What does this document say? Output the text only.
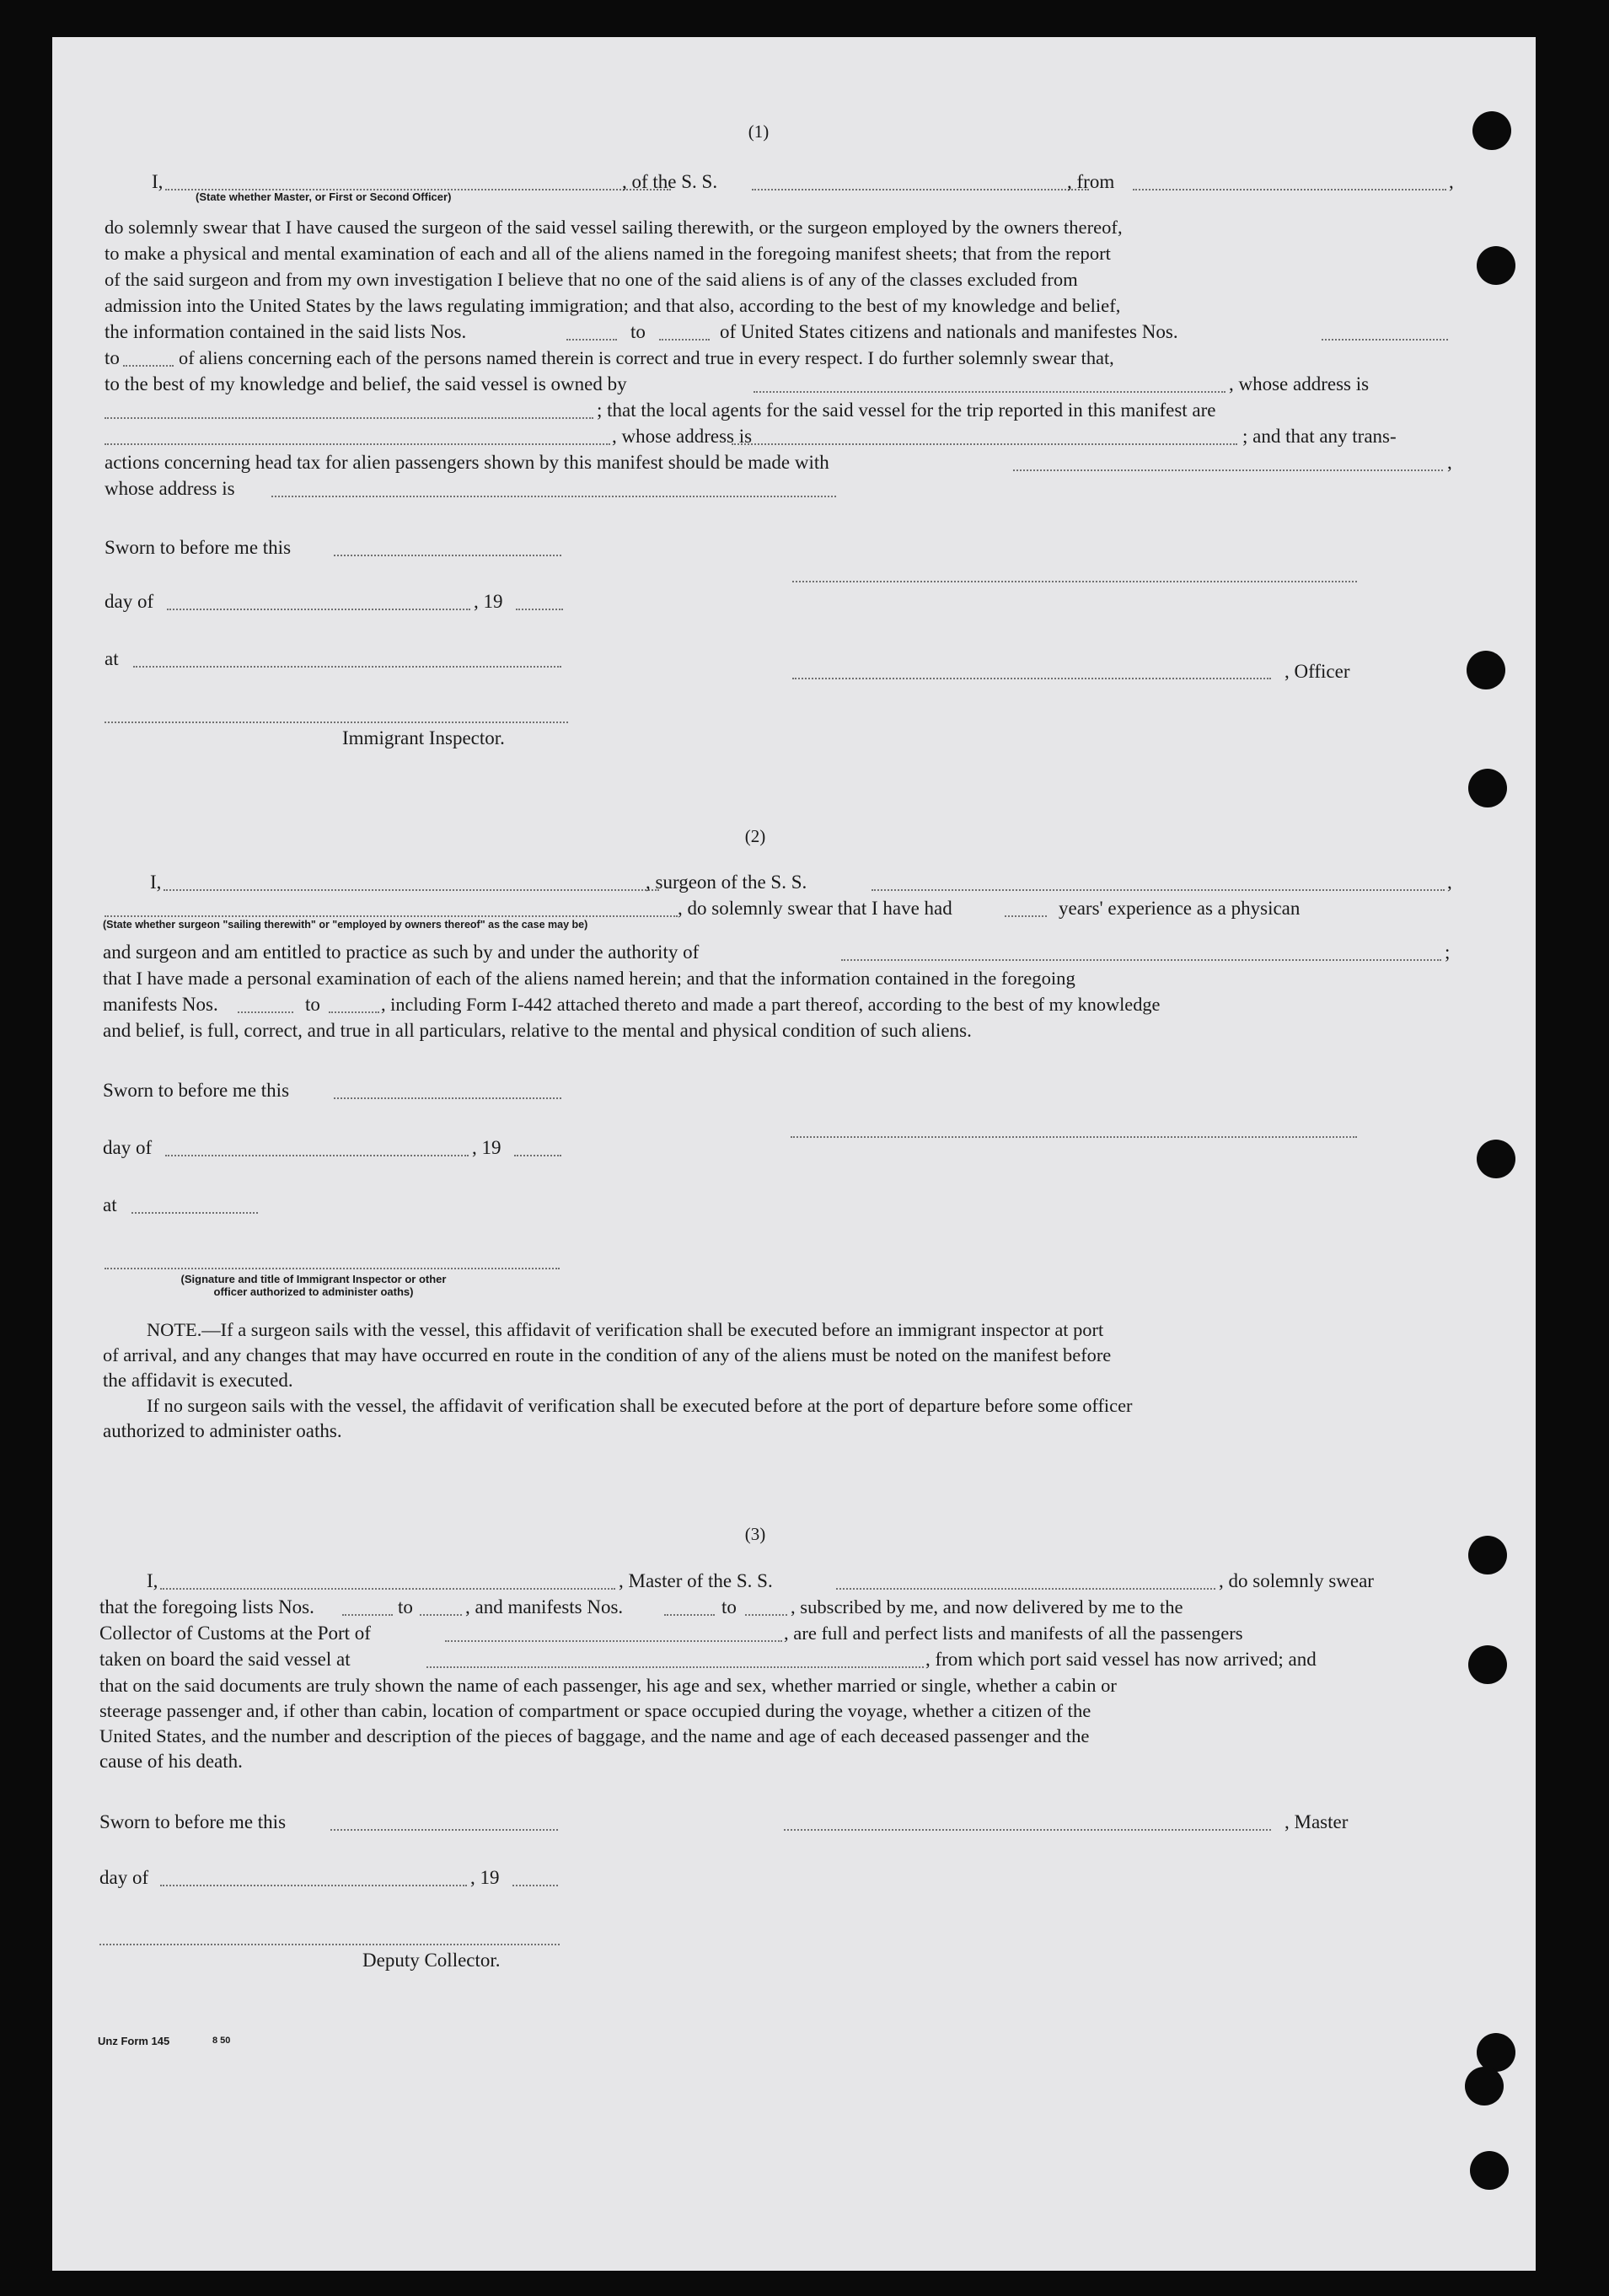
(1)
I,	, of the S. S.	, from	,
(State whether Master, or First or Second Officer)
do solemnly swear that I have caused the surgeon of the said vessel sailing therewith, or the surgeon employed by the owners thereof,
to make a physical and mental examination of each and all of the aliens named in the foregoing manifest sheets; that from the report
of the said surgeon and from my own investigation I believe that no one of the said aliens is of any of the classes excluded from
admission into the United States by the laws regulating immigration; and that also, according to the best of my knowledge and belief,
the information contained in the said lists Nos.	to	of United States citizens and nationals and manifestes Nos.
to	of aliens concerning each of the persons named therein is correct and true in every respect. I do further solemnly swear that,
to the best of my knowledge and belief, the said vessel is owned by	, whose address is
; that the local agents for the said vessel for the trip reported in this manifest are
, whose address is	; and that any trans-
actions concerning head tax for alien passengers shown by this manifest should be made with	,
whose address is
Sworn to before me this
day of	, 19
at
, Officer
Immigrant Inspector.
(2)
I,	, surgeon of the S. S.	,
, do solemnly swear that I have had	years' experience as a physican
(State whether surgeon "sailing therewith" or "employed by owners thereof" as the case may be)
and surgeon and am entitled to practice as such by and under the authority of	;
that I have made a personal examination of each of the aliens named herein; and that the information contained in the foregoing
manifests Nos.	to	, including Form I-442 attached thereto and made a part thereof, according to the best of my knowledge
and belief, is full, correct, and true in all particulars, relative to the mental and physical condition of such aliens.
Sworn to before me this
day of	, 19
at
(Signature and title of Immigrant Inspector or other
officer authorized to administer oaths)
NOTE.—If a surgeon sails with the vessel, this affidavit of verification shall be executed before an immigrant inspector at port
of arrival, and any changes that may have occurred en route in the condition of any of the aliens must be noted on the manifest before
the affidavit is executed.
If no surgeon sails with the vessel, the affidavit of verification shall be executed before at the port of departure before some officer
authorized to administer oaths.
(3)
I,	, Master of the S. S.	, do solemnly swear
that the foregoing lists Nos.	to	, and manifests Nos.	to	, subscribed by me, and now delivered by me to the
Collector of Customs at the Port of	, are full and perfect lists and manifests of all the passengers
taken on board the said vessel at	, from which port said vessel has now arrived; and
that on the said documents are truly shown the name of each passenger, his age and sex, whether married or single, whether a cabin or
steerage passenger and, if other than cabin, location of compartment or space occupied during the voyage, whether a citizen of the
United States, and the number and description of the pieces of baggage, and the name and age of each deceased passenger and the
cause of his death.
Sworn to before me this	, Master
day of	, 19
Deputy Collector.
Unz Form 145	8 50
